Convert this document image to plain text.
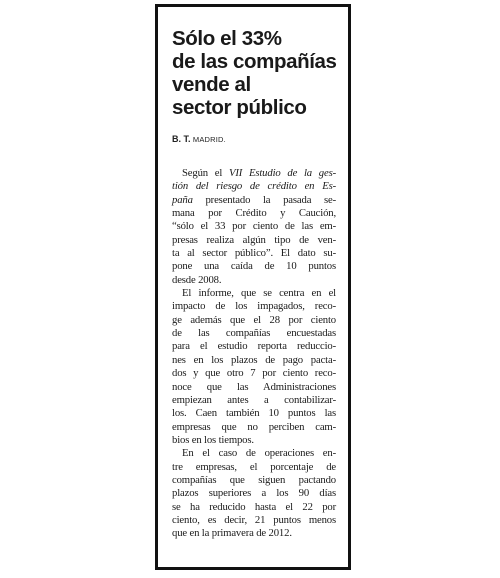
Sólo el 33%
de las compañías
vende al
sector público

B. T. MADRID.

Según el VII Estudio de la ges-
tión del riesgo de crédito en Es-
paña presentado la pasada se-
mana por Crédito y Caución,
“sólo el 33 por ciento de las em-
presas realiza algún tipo de ven-
ta al sector público”. El dato su-
pone una caída de 10 puntos
desde 2008.

El informe, que se centra en el
impacto de los impagados, reco-
ge además que el 28 por ciento
de las compañías encuestadas
para el estudio reporta reduccio-
nes en los plazos de pago pacta-
dos y que otro 7 por ciento reco-
noce que las Administraciones
empiezan antes a contabilizar-
los. Caen también 10 puntos las
empresas que no perciben cam-
bios en los tiempos.

En el caso de operaciones en-
tre empresas, el porcentaje de
compañías que siguen pactando
plazos superiores a los 90 días
se ha reducido hasta el 22 por
ciento, es decir, 21 puntos menos
que en la primavera de 2012.
